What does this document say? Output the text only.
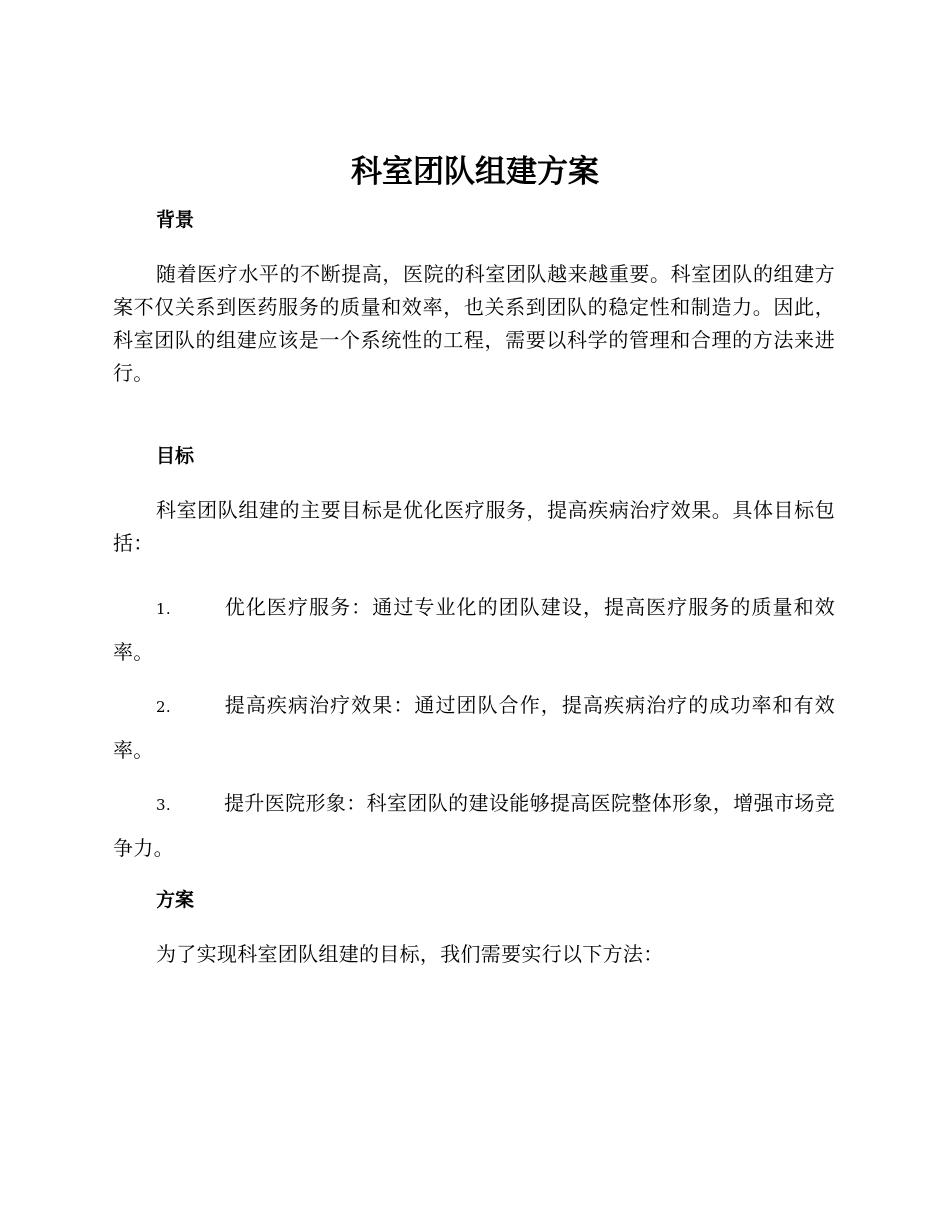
科室团队组建方案
背景

随着医疗水平的不断提高，医院的科室团队越来越重要。科室团队的组建方案不仅关系到医药服务的质量和效率，也关系到团队的稳定性和制造力。因此，科室团队的组建应该是一个系统性的工程，需要以科学的管理和合理的方法来进行。

目标

科室团队组建的主要目标是优化医疗服务，提高疾病治疗效果。具体目标包括：

1.	优化医疗服务：通过专业化的团队建设，提高医疗服务的质量和效率。
2.	提高疾病治疗效果：通过团队合作，提高疾病治疗的成功率和有效率。
3.	提升医院形象：科室团队的建设能够提高医院整体形象，增强市场竞争力。
方案

为了实现科室团队组建的目标，我们需要实行以下方法：
